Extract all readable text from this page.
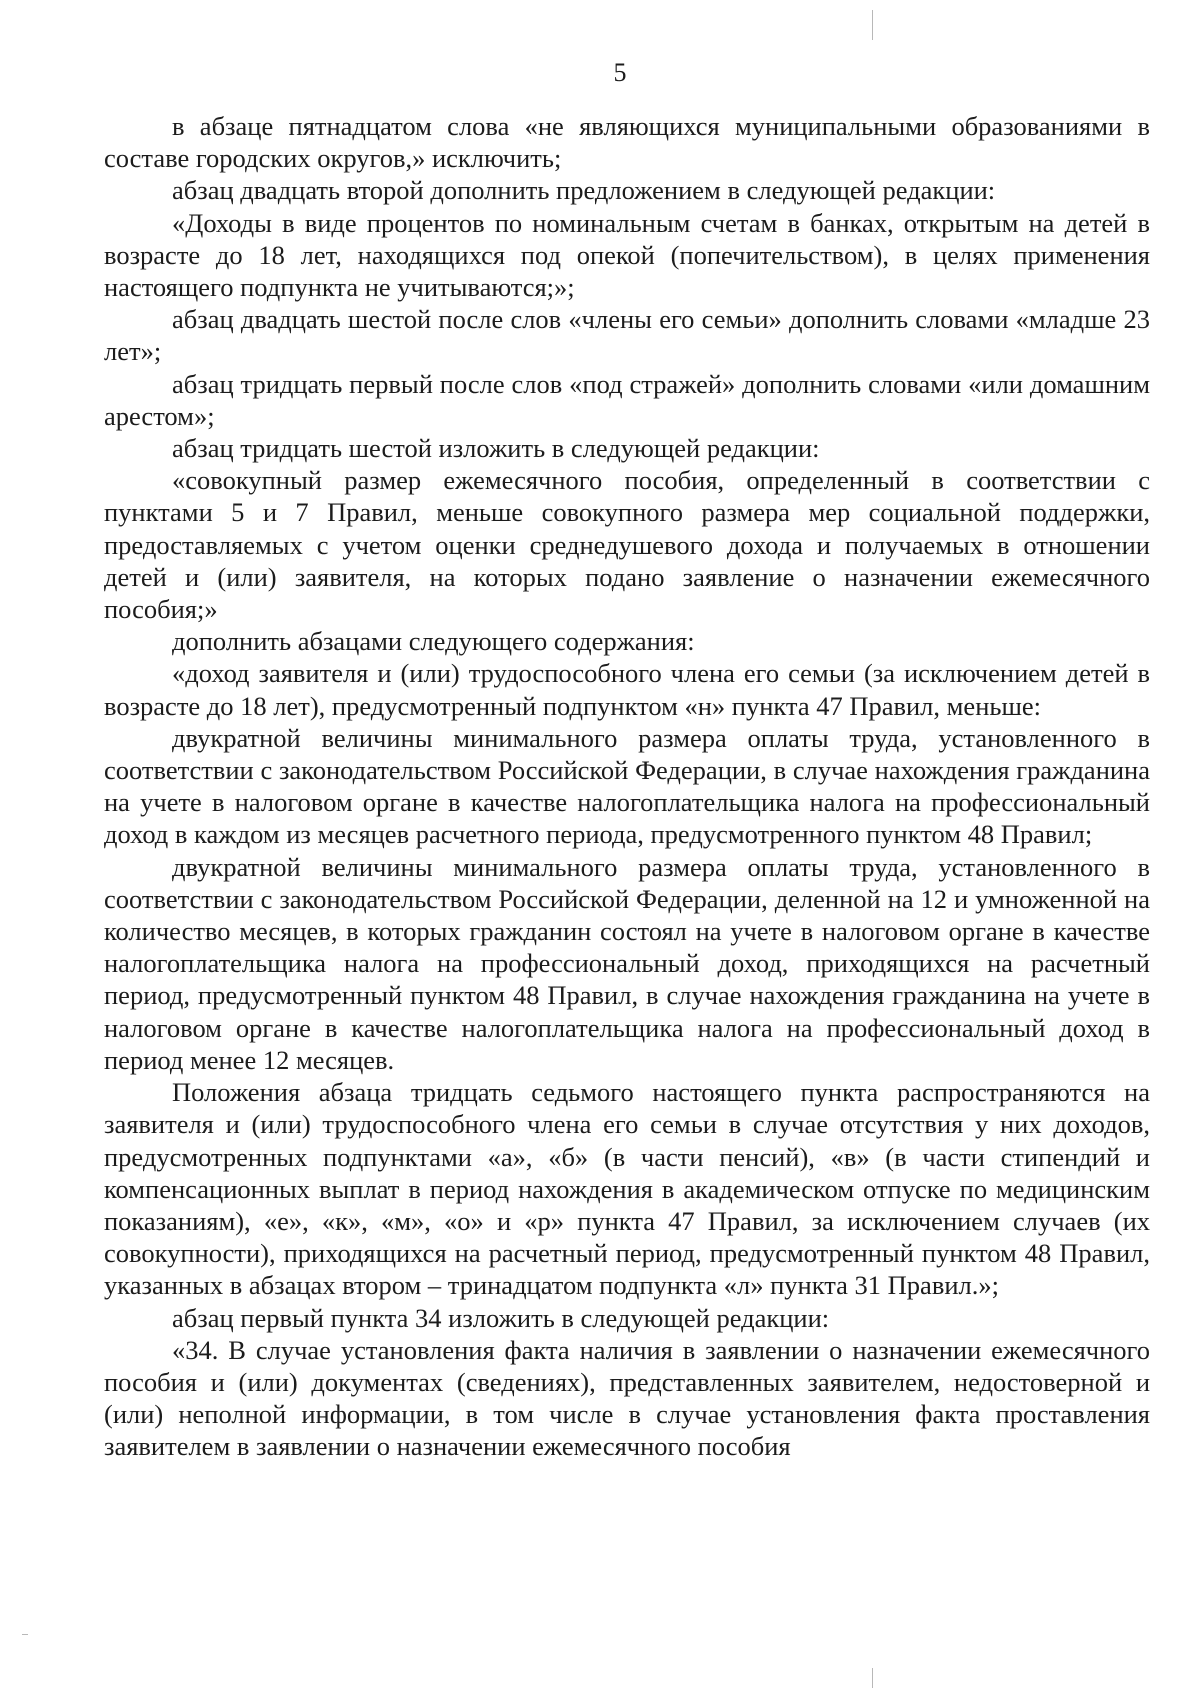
5

в абзаце пятнадцатом слова «не являющихся муниципальными образованиями в составе городских округов,» исключить;

абзац двадцать второй дополнить предложением в следующей редакции:

«Доходы в виде процентов по номинальным счетам в банках, открытым на детей в возрасте до 18 лет, находящихся под опекой (попечительством), в целях применения настоящего подпункта не учитываются;»;

абзац двадцать шестой после слов «члены его семьи» дополнить словами «младше 23 лет»;

абзац тридцать первый после слов «под стражей» дополнить словами «или домашним арестом»;

абзац тридцать шестой изложить в следующей редакции:

«совокупный размер ежемесячного пособия, определенный в соответствии с пунктами 5 и 7 Правил, меньше совокупного размера мер социальной поддержки, предоставляемых с учетом оценки среднедушевого дохода и получаемых в отношении детей и (или) заявителя, на которых подано заявление о назначении ежемесячного пособия;»

дополнить абзацами следующего содержания:

«доход заявителя и (или) трудоспособного члена его семьи (за исключением детей в возрасте до 18 лет), предусмотренный подпунктом «н» пункта 47 Правил, меньше:

двукратной величины минимального размера оплаты труда, установленного в соответствии с законодательством Российской Федерации, в случае нахождения гражданина на учете в налоговом органе в качестве налогоплательщика налога на профессиональный доход в каждом из месяцев расчетного периода, предусмотренного пунктом 48 Правил;

двукратной величины минимального размера оплаты труда, установленного в соответствии с законодательством Российской Федерации, деленной на 12 и умноженной на количество месяцев, в которых гражданин состоял на учете в налоговом органе в качестве налогоплательщика налога на профессиональный доход, приходящихся на расчетный период, предусмотренный пунктом 48 Правил, в случае нахождения гражданина на учете в налоговом органе в качестве налогоплательщика налога на профессиональный доход в период менее 12 месяцев.

Положения абзаца тридцать седьмого настоящего пункта распространяются на заявителя и (или) трудоспособного члена его семьи в случае отсутствия у них доходов, предусмотренных подпунктами «а», «б» (в части пенсий), «в» (в части стипендий и компенсационных выплат в период нахождения в академическом отпуске по медицинским показаниям), «е», «к», «м», «о» и «р» пункта 47 Правил, за исключением случаев (их совокупности), приходящихся на расчетный период, предусмотренный пунктом 48 Правил, указанных в абзацах втором – тринадцатом подпункта «л» пункта 31 Правил.»;

абзац первый пункта 34 изложить в следующей редакции:

«34. В случае установления факта наличия в заявлении о назначении ежемесячного пособия и (или) документах (сведениях), представленных заявителем, недостоверной и (или) неполной информации, в том числе в случае установления факта проставления заявителем в заявлении о назначении ежемесячного пособия
